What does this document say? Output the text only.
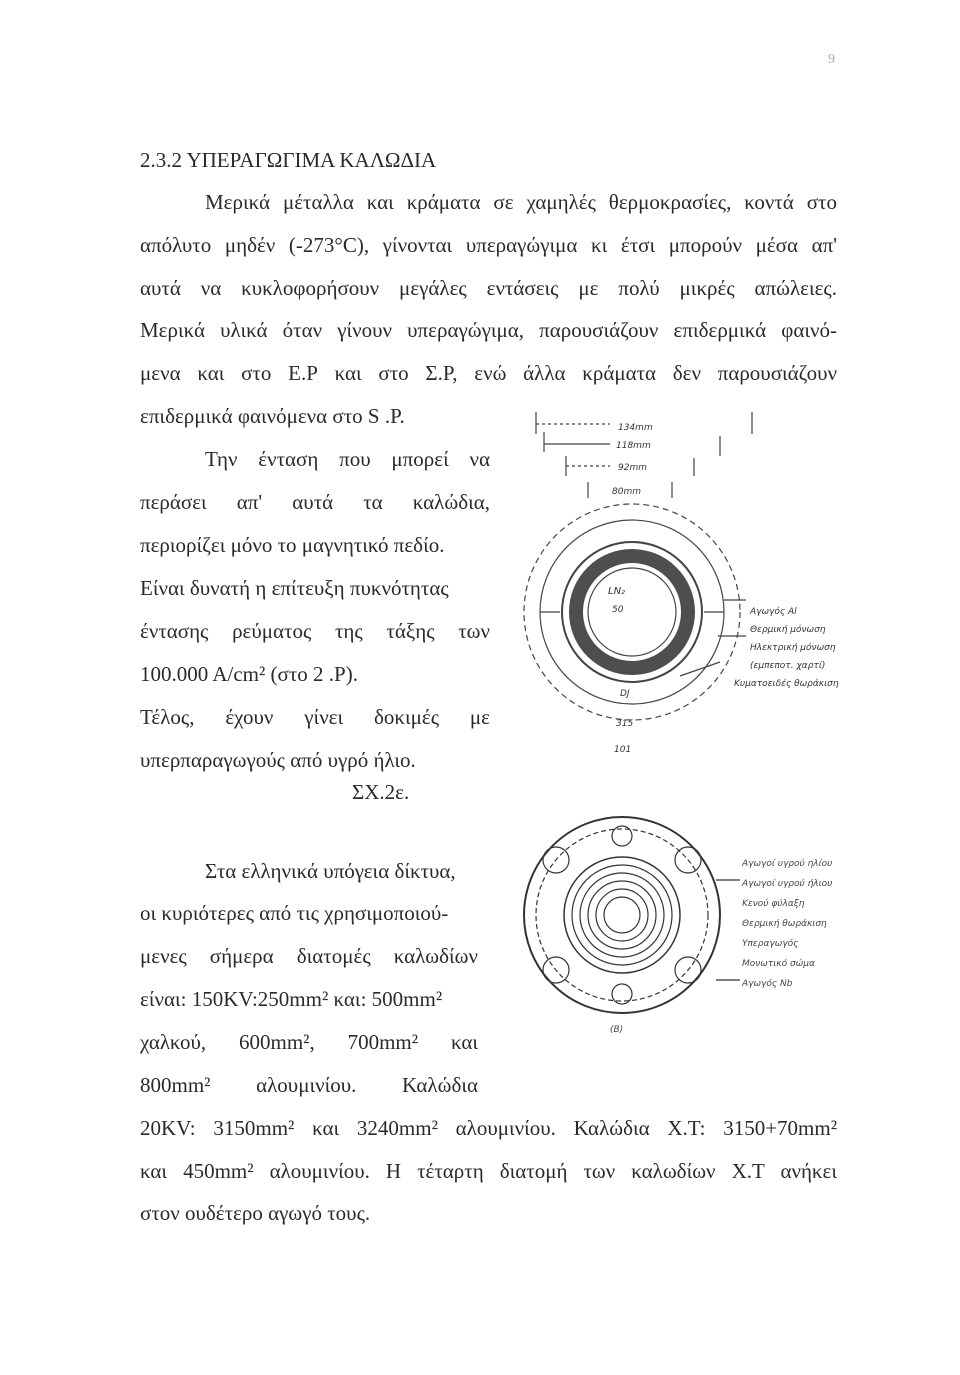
9
2.3.2 ΥΠΕΡΑΓΩΓΙΜΑ ΚΑΛΩΔΙΑ
Μερικά μέταλλα και κράματα σε χαμηλές θερμοκρασίες, κοντά στο
απόλυτο μηδέν (-273°C), γίνονται υπεραγώγιμα κι έτσι μπορούν μέσα απ'
αυτά να κυκλοφορήσουν μεγάλες εντάσεις με πολύ μικρές απώλειες.
Μερικά υλικά όταν γίνουν υπεραγώγιμα, παρουσιάζουν επιδερμικά φαινό-
μενα και στο Ε.Ρ και στο Σ.Ρ, ενώ άλλα κράματα δεν παρουσιάζουν
επιδερμικά φαινόμενα στο S .P.
Την ένταση που μπορεί να
περάσει απ' αυτά τα καλώδια,
περιορίζει μόνο το μαγνητικό πεδίο.
Είναι δυνατή η επίτευξη πυκνότητας
έντασης ρεύματος της τάξης των
100.000 A/cm² (στο 2 .P).
Τέλος, έχουν γίνει δοκιμές με
υπερπαραγωγούς από υγρό ήλιο.
134mm
118mm
92mm
80mm
LN₂
50
DJ
315
101
Αγωγός Al
Θερμική μόνωση
Ηλεκτρική μόνωση
(εμπεποτ. χαρτί)
Κυματοειδές θωράκιση
ΣΧ.2ε.
Αγωγοί υγρού ηλίου
Αγωγοί υγρού ήλιου
Κενού φύλαξη
Θερμική θωράκιση
Υπεραγωγός
Μονωτικό σώμα
Αγωγός Nb
(B)
Στα ελληνικά υπόγεια δίκτυα,
οι κυριότερες από τις χρησιμοποιού-
μενες σήμερα διατομές καλωδίων
είναι: 150KV:250mm² και: 500mm²
χαλκού, 600mm², 700mm² και
800mm² αλουμινίου. Καλώδια
20KV: 3150mm² και 3240mm² αλουμινίου. Καλώδια Χ.Τ: 3150+70mm²
και 450mm² αλουμινίου. Η τέταρτη διατομή των καλωδίων Χ.Τ ανήκει
στον ουδέτερο αγωγό τους.
